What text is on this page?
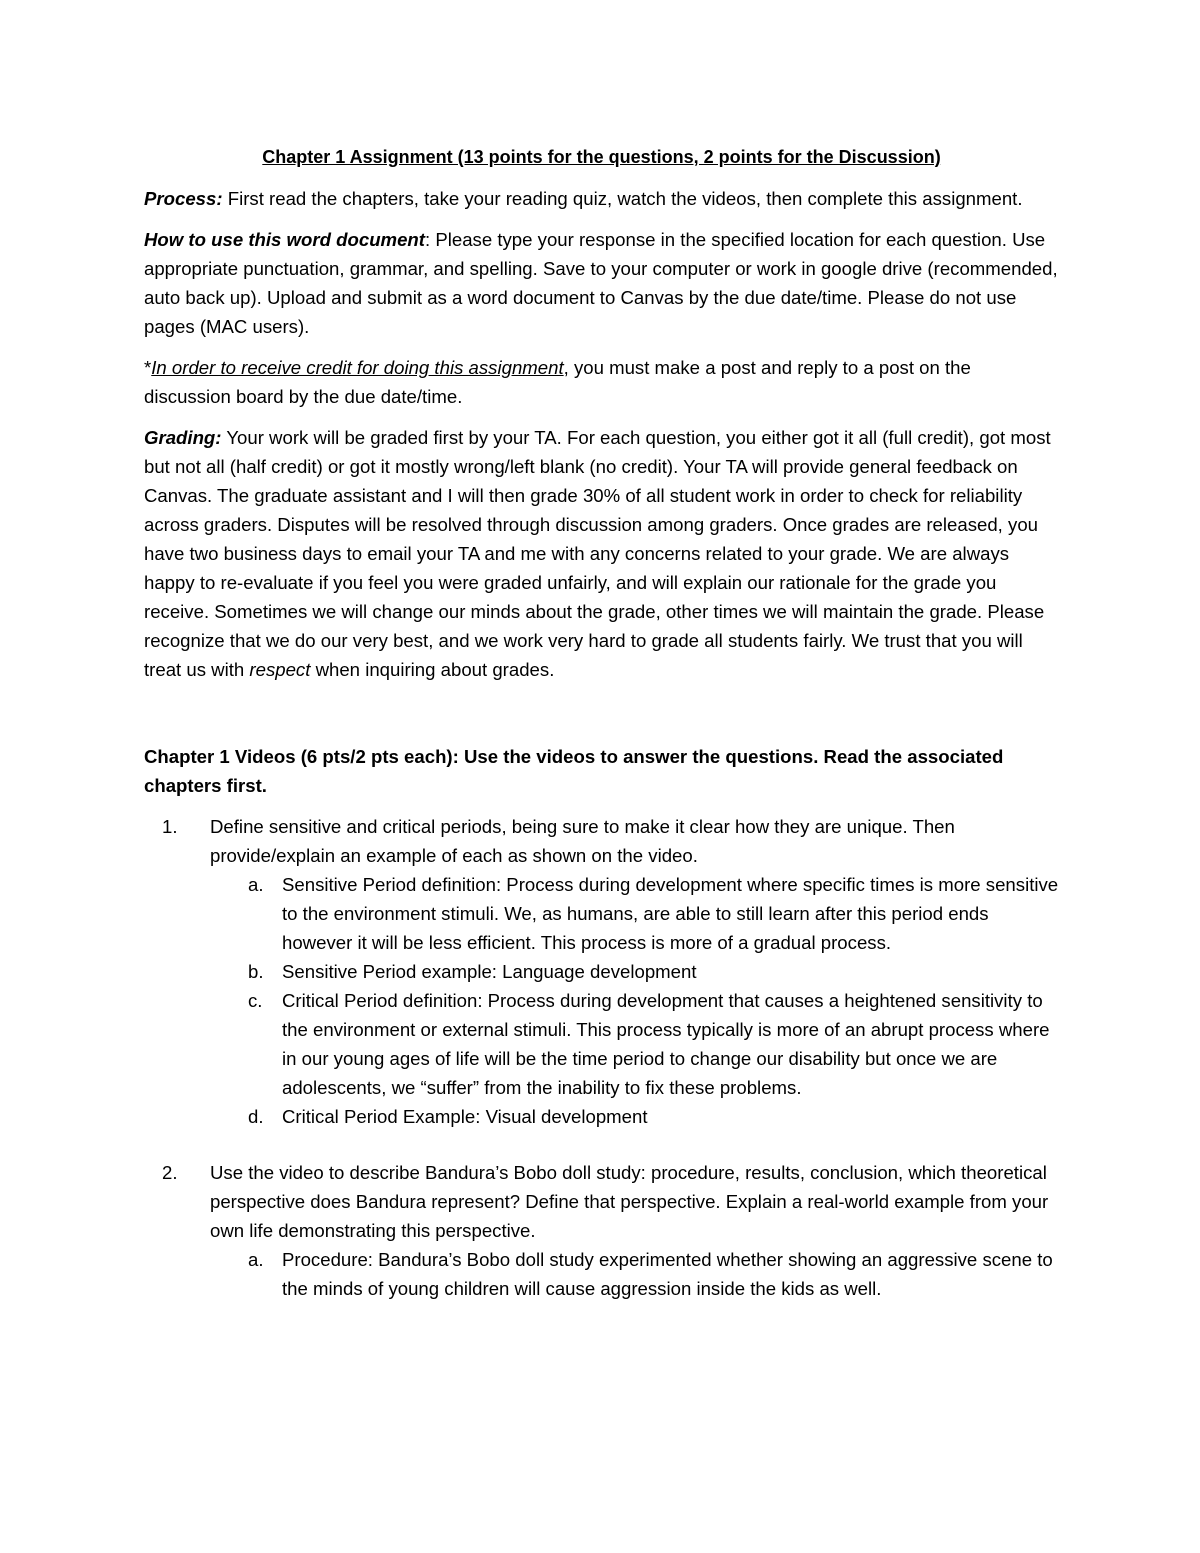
Chapter 1 Assignment (13 points for the questions, 2 points for the Discussion)

Process: First read the chapters, take your reading quiz, watch the videos, then complete this assignment.

How to use this word document: Please type your response in the specified location for each question. Use appropriate punctuation, grammar, and spelling. Save to your computer or work in google drive (recommended, auto back up). Upload and submit as a word document to Canvas by the due date/time. Please do not use pages (MAC users).

*In order to receive credit for doing this assignment, you must make a post and reply to a post on the discussion board by the due date/time.

Grading: Your work will be graded first by your TA. For each question, you either got it all (full credit), got most but not all (half credit) or got it mostly wrong/left blank (no credit). Your TA will provide general feedback on Canvas. The graduate assistant and I will then grade 30% of all student work in order to check for reliability across graders. Disputes will be resolved through discussion among graders. Once grades are released, you have two business days to email your TA and me with any concerns related to your grade. We are always happy to re-evaluate if you feel you were graded unfairly, and will explain our rationale for the grade you receive. Sometimes we will change our minds about the grade, other times we will maintain the grade. Please recognize that we do our very best, and we work very hard to grade all students fairly. We trust that you will treat us with respect when inquiring about grades.

Chapter 1 Videos (6 pts/2 pts each): Use the videos to answer the questions. Read the associated chapters first.

1. Define sensitive and critical periods, being sure to make it clear how they are unique. Then provide/explain an example of each as shown on the video.
a. Sensitive Period definition: Process during development where specific times is more sensitive to the environment stimuli. We, as humans, are able to still learn after this period ends however it will be less efficient. This process is more of a gradual process.
b. Sensitive Period example: Language development
c.	Critical Period definition: Process during development that causes a heightened sensitivity to the environment or external stimuli. This process typically is more of an abrupt process where in our young ages of life will be the time period to change our disability but once we are adolescents, we “suffer” from the inability to fix these problems.
d. Critical Period Example: Visual development
2. Use the video to describe Bandura’s Bobo doll study: procedure, results, conclusion, which theoretical perspective does Bandura represent? Define that perspective. Explain a real-world example from your own life demonstrating this perspective.
a. Procedure: Bandura’s Bobo doll study experimented whether showing an aggressive scene to the minds of young children will cause aggression inside the kids as well.
